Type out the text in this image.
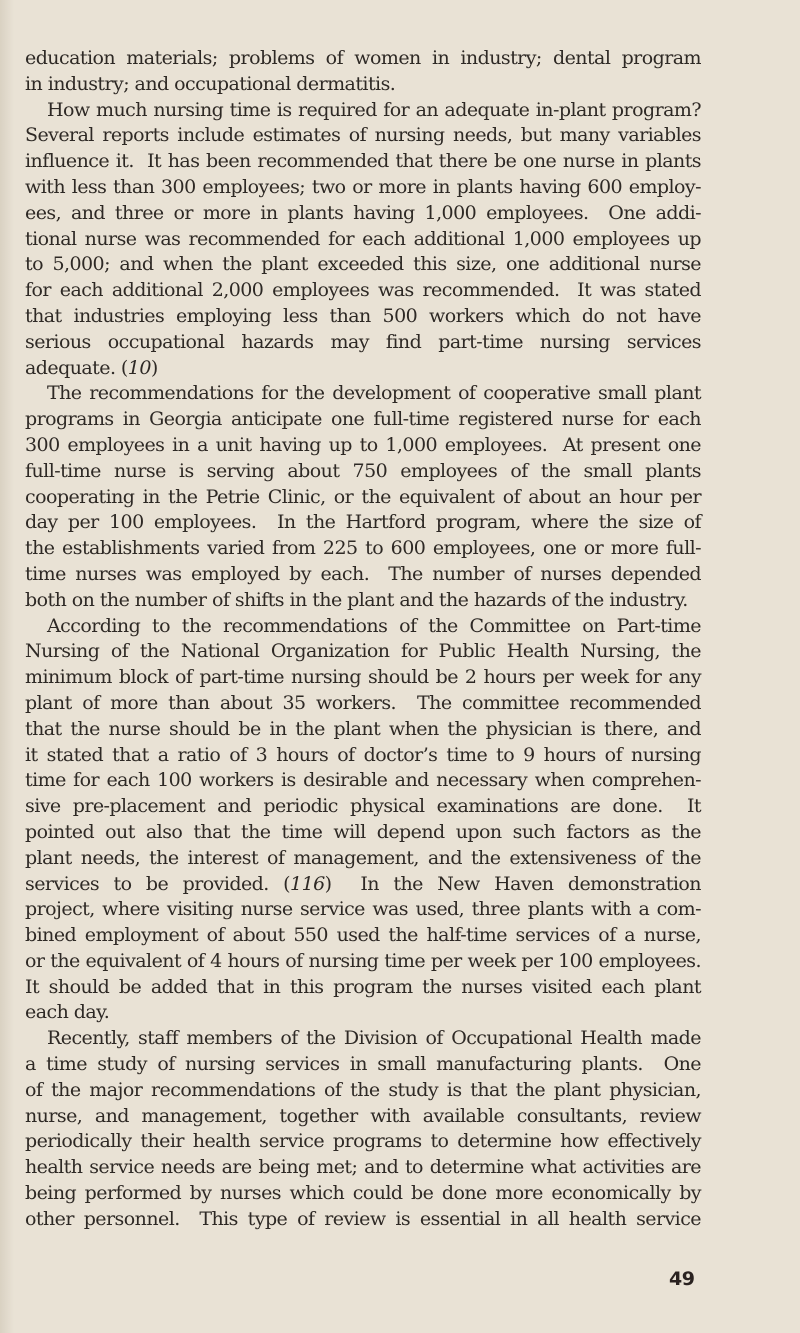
education materials; problems of women in industry; dental program
in industry; and occupational dermatitis.
How much nursing time is required for an adequate in-plant program?
Several reports include estimates of nursing needs, but many variables
influence it.  It has been recommended that there be one nurse in plants
with less than 300 employees; two or more in plants having 600 employ-
ees, and three or more in plants having 1,000 employees.  One addi-
tional nurse was recommended for each additional 1,000 employees up
to 5,000; and when the plant exceeded this size, one additional nurse
for each additional 2,000 employees was recommended.  It was stated
that industries employing less than 500 workers which do not have
serious occupational hazards may find part-time nursing services
adequate. (10)
The recommendations for the development of cooperative small plant
programs in Georgia anticipate one full-time registered nurse for each
300 employees in a unit having up to 1,000 employees.  At present one
full-time nurse is serving about 750 employees of the small plants
cooperating in the Petrie Clinic, or the equivalent of about an hour per
day per 100 employees.  In the Hartford program, where the size of
the establishments varied from 225 to 600 employees, one or more full-
time nurses was employed by each.  The number of nurses depended
both on the number of shifts in the plant and the hazards of the industry.
According to the recommendations of the Committee on Part-time
Nursing of the National Organization for Public Health Nursing, the
minimum block of part-time nursing should be 2 hours per week for any
plant of more than about 35 workers.  The committee recommended
that the nurse should be in the plant when the physician is there, and
it stated that a ratio of 3 hours of doctor’s time to 9 hours of nursing
time for each 100 workers is desirable and necessary when comprehen-
sive pre-placement and periodic physical examinations are done.  It
pointed out also that the time will depend upon such factors as the
plant needs, the interest of management, and the extensiveness of the
services to be provided. (116)  In the New Haven demonstration
project, where visiting nurse service was used, three plants with a com-
bined employment of about 550 used the half-time services of a nurse,
or the equivalent of 4 hours of nursing time per week per 100 employees.
It should be added that in this program the nurses visited each plant
each day.
Recently, staff members of the Division of Occupational Health made
a time study of nursing services in small manufacturing plants.  One
of the major recommendations of the study is that the plant physician,
nurse, and management, together with available consultants, review
periodically their health service programs to determine how effectively
health service needs are being met; and to determine what activities are
being performed by nurses which could be done more economically by
other personnel.  This type of review is essential in all health service
49
